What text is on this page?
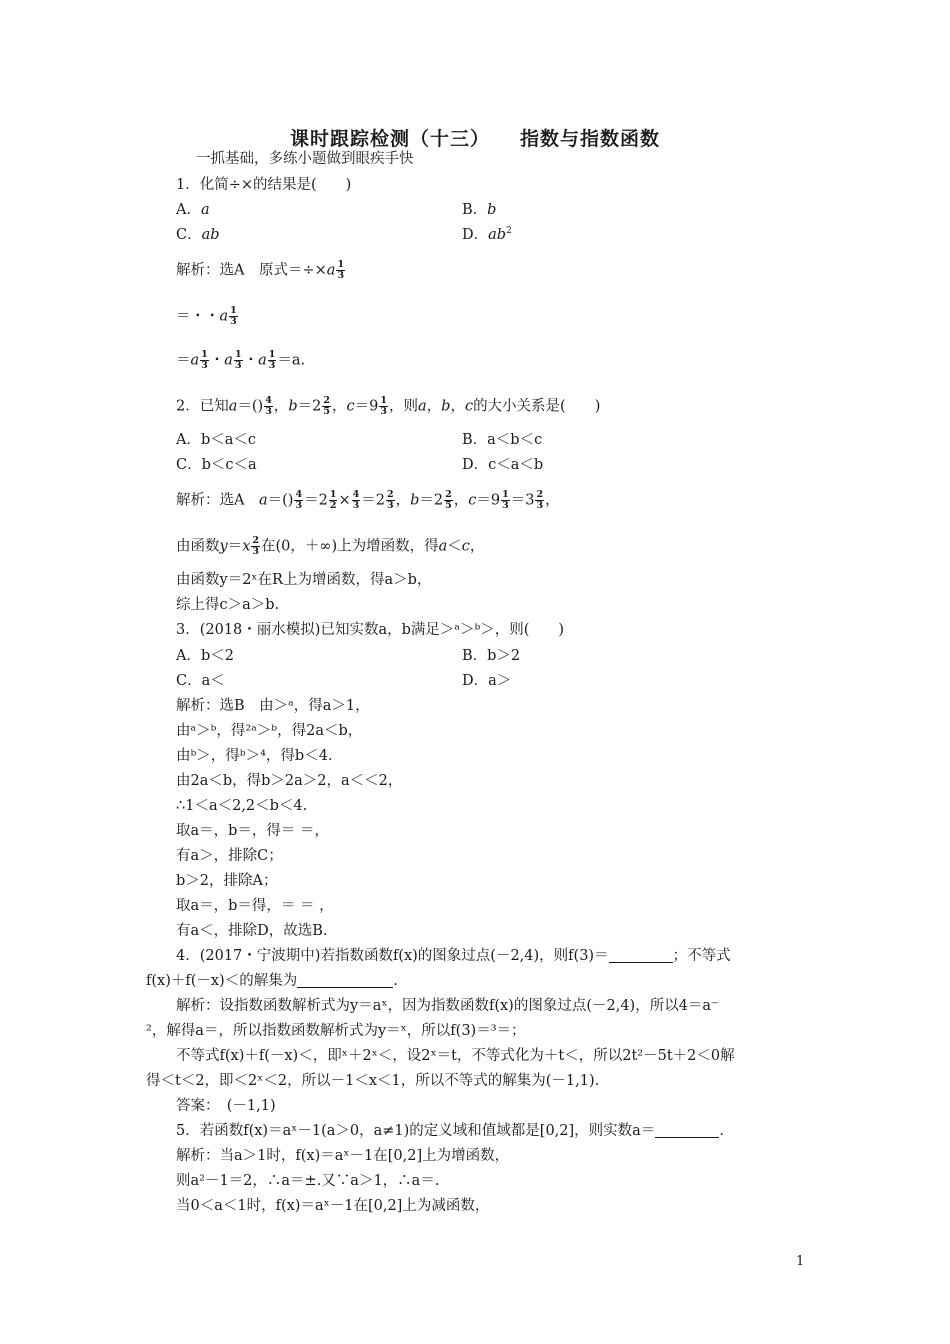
课时跟踪检测（十三） 指数与指数函数
一抓基础，多练小题做到眼疾手快
1．化简÷×的结果是(　　)
A．a	B．b
C．ab	D．$ab^2$
解析：选A　原式$=\div\times a \frac{1}{3}$
＝・・a $\frac{1}{3}$
$=a \frac{1}{3}$ ・a $\frac{1}{3}$ ・a $\frac{1}{3} =a$.
2．已知$a=() \frac{4}{3}$ ，$b=2 \frac{2}{5}$ ，$c=9 \frac{1}{3}$ ，则a，b，c的大小关系是(　　)
A．b＜a＜c	B．a＜b＜c
C．b＜c＜a	D．c＜a＜b
解析：选A　$a=() \frac{4}{3} =2 \frac{1}{2} \times \frac{4}{3} =2 \frac{2}{3}$ ，$b=2 \frac{2}{5}$ ，$c=9 \frac{1}{3} =3 \frac{2}{3}$ ，
由函数$y=x \frac{2}{3}$ 在(0，＋∞)上为增函数，得a＜c，
由函数y＝2ˣ在R上为增函数，得a＞b，
综上得c＞a＞b.
3．(2018・丽水模拟)已知实数a，b满足＞ᵃ＞ᵇ＞，则(　　)
A．b＜2	B．b＞2
C．a＜	D．a＞
解析：选B　由＞ᵃ，得a＞1，
由ᵃ＞ᵇ，得²ᵃ＞ᵇ，得2a＜b，
由ᵇ＞，得ᵇ＞⁴，得b＜4.
由2a＜b，得b＞2a＞2，a＜＜2，
∴1＜a＜2,2＜b＜4.
取a＝，b＝，得＝ ＝，
有a＞，排除C；
b＞2，排除A；
取a＝，b＝得，＝ ＝ ，
有a＜，排除D，故选B.
4．(2017・宁波期中)若指数函数f(x)的图象过点(－2,4)，则f(3)＝	；不等式
f(x)＋f(－x)＜的解集为	.
解析：设指数函数解析式为y＝aˣ，因为指数函数f(x)的图象过点(－2,4)，所以4＝a⁻
²，解得a＝，所以指数函数解析式为y＝ˣ，所以f(3)＝³＝；
不等式f(x)＋f(－x)＜，即ˣ＋2ˣ＜，设2ˣ＝t，不等式化为＋t＜，所以2t²－5t＋2＜0解
得＜t＜2，即＜2ˣ＜2，所以－1＜x＜1，所以不等式的解集为(－1,1).
答案：　(－1,1)
5．若函数f(x)＝aˣ－1(a＞0，a≠1)的定义域和值域都是[0,2]，则实数a＝	.
解析：当a＞1时，f(x)＝aˣ－1在[0,2]上为增函数，
则a²－1＝2，∴a＝±.又∵a＞1，∴a＝.
当0＜a＜1时，f(x)＝aˣ－1在[0,2]上为减函数，
1
